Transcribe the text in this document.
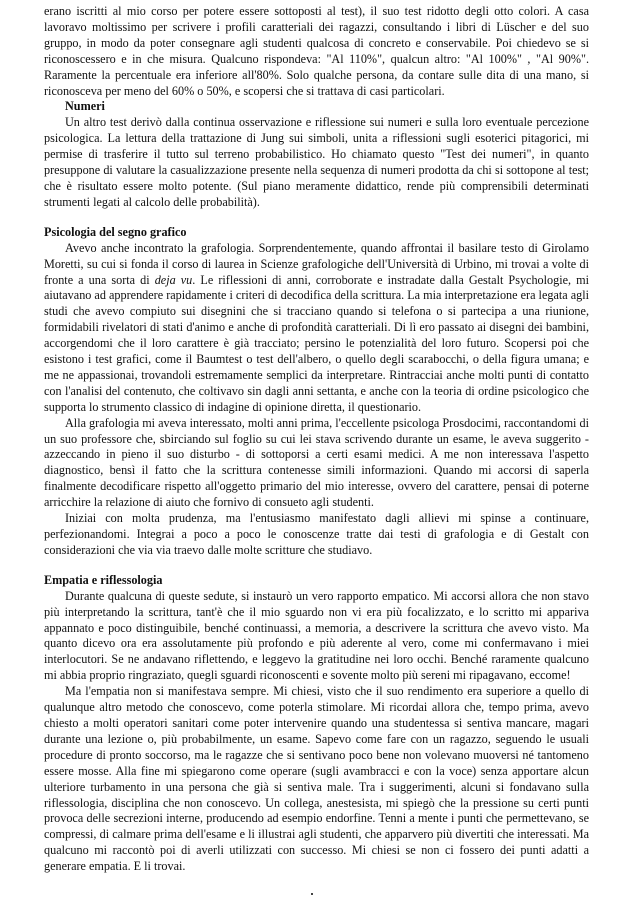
erano iscritti al mio corso per potere essere sottoposti al test), il suo test ridotto degli otto colori. A casa lavoravo moltissimo per scrivere i profili caratteriali dei ragazzi, consultando i libri di Lüscher e del suo gruppo, in modo da poter consegnare agli studenti qualcosa di concreto e conservabile. Poi chiedevo se si riconoscessero e in che misura. Qualcuno rispondeva: "Al 110%", qualcun altro: "Al 100%" , "Al 90%". Raramente la percentuale era inferiore all'80%. Solo qualche persona, da contare sulle dita di una mano, si riconosceva per meno del 60% o 50%, e scopersi che si trattava di casi particolari.

Numeri

Un altro test derivò dalla continua osservazione e riflessione sui numeri e sulla loro eventuale percezione psicologica. La lettura della trattazione di Jung sui simboli, unita a riflessioni sugli esoterici pitagorici, mi permise di trasferire il tutto sul terreno probabilistico. Ho chiamato questo "Test dei numeri", in quanto presuppone di valutare la casualizzazione presente nella sequenza di numeri prodotta da chi si sottopone al test; che è risultato essere molto potente. (Sul piano meramente didattico, rende più comprensibili determinati strumenti legati al calcolo delle probabilità).

Psicologia del segno grafico

Avevo anche incontrato la grafologia. Sorprendentemente, quando affrontai il basilare testo di Girolamo Moretti, su cui si fonda il corso di laurea in Scienze grafologiche dell'Università di Urbino, mi trovai a volte di fronte a una sorta di deja vu. Le riflessioni di anni, corroborate e instradate dalla Gestalt Psychologie, mi aiutavano ad apprendere rapidamente i criteri di decodifica della scrittura. La mia interpretazione era legata agli studi che avevo compiuto sui disegnini che si tracciano quando si telefona o si partecipa a una riunione, formidabili rivelatori di stati d'animo e anche di profondità caratteriali. Di lì ero passato ai disegni dei bambini, accorgendomi che il loro carattere è già tracciato; persino le potenzialità del loro futuro. Scopersi poi che esistono i test grafici, come il Baumtest o test dell'albero, o quello degli scarabocchi, o della figura umana; e me ne appassionai, trovandoli estremamente semplici da interpretare. Rintracciai anche molti punti di contatto con l'analisi del contenuto, che coltivavo sin dagli anni settanta, e anche con la teoria di ordine psicologico che supporta lo strumento classico di indagine di opinione diretta, il questionario.

Alla grafologia mi aveva interessato, molti anni prima, l'eccellente psicologa Prosdocimi, raccontandomi di un suo professore che, sbirciando sul foglio su cui lei stava scrivendo durante un esame, le aveva suggerito - azzeccando in pieno il suo disturbo - di sottoporsi a certi esami medici. A me non interessava l'aspetto diagnostico, bensì il fatto che la scrittura contenesse simili informazioni. Quando mi accorsi di saperla finalmente decodificare rispetto all'oggetto primario del mio interesse, ovvero del carattere, pensai di poterne arricchire la relazione di aiuto che fornivo di consueto agli studenti.

Iniziai con molta prudenza, ma l'entusiasmo manifestato dagli allievi mi spinse a continuare, perfezionandomi. Integrai a poco a poco le conoscenze tratte dai testi di grafologia e di Gestalt con considerazioni che via via traevo dalle molte scritture che studiavo.

Empatia e riflessologia

Durante qualcuna di queste sedute, si instaurò un vero rapporto empatico. Mi accorsi allora che non stavo più interpretando la scrittura, tant'è che il mio sguardo non vi era più focalizzato, e lo scritto mi appariva appannato e poco distinguibile, benché continuassi, a memoria, a descrivere la scrittura che avevo visto. Ma quanto dicevo ora era assolutamente più profondo e più aderente al vero, come mi confermavano i miei interlocutori. Se ne andavano riflettendo, e leggevo la gratitudine nei loro occhi. Benché raramente qualcuno mi abbia proprio ringraziato, quegli sguardi riconoscenti e sovente molto più sereni mi ripagavano, eccome!

Ma l'empatia non si manifestava sempre. Mi chiesi, visto che il suo rendimento era superiore a quello di qualunque altro metodo che conoscevo, come poterla stimolare. Mi ricordai allora che, tempo prima, avevo chiesto a molti operatori sanitari come poter intervenire quando una studentessa si sentiva mancare, magari durante una lezione o, più probabilmente, un esame. Sapevo come fare con un ragazzo, seguendo le usuali procedure di pronto soccorso, ma le ragazze che si sentivano poco bene non volevano muoversi né tantomeno essere mosse. Alla fine mi spiegarono come operare (sugli avambracci e con la voce) senza apportare alcun ulteriore turbamento in una persona che già si sentiva male. Tra i suggerimenti, alcuni si fondavano sulla riflessologia, disciplina che non conoscevo. Un collega, anestesista, mi spiegò che la pressione su certi punti provoca delle secrezioni interne, producendo ad esempio endorfine. Tenni a mente i punti che permettevano, se compressi, di calmare prima dell'esame e li illustrai agli studenti, che apparvero più divertiti che interessati. Ma qualcuno mi raccontò poi di averli utilizzati con successo. Mi chiesi se non ci fossero dei punti adatti a generare empatia. E li trovai.
